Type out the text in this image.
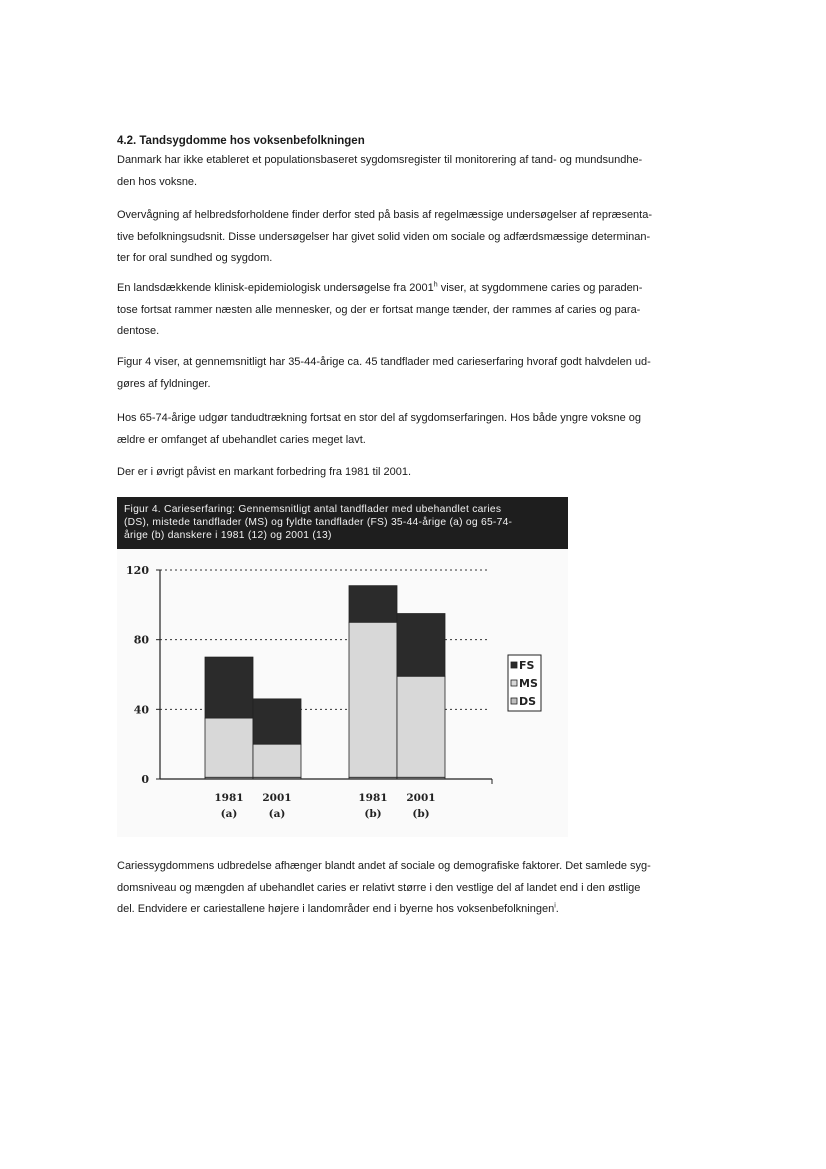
4.2. Tandsygdomme hos voksenbefolkningen
Danmark har ikke etableret et populationsbaseret sygdomsregister til monitorering af tand- og mundsundhe-
den hos voksne.
Overvågning af helbredsforholdene finder derfor sted på basis af regelmæssige undersøgelser af repræsenta-
tive befolkningsudsnit. Disse undersøgelser har givet solid viden om sociale og adfærdsmæssige determinan-
ter for oral sundhed og sygdom.
En landsdækkende klinisk-epidemiologisk undersøgelse fra 2001$^h$ viser, at sygdommene caries og paraden-
tose fortsat rammer næsten alle mennesker, og der er fortsat mange tænder, der rammes af caries og para-
dentose.
Figur 4 viser, at gennemsnitligt har 35-44-årige ca. 45 tandflader med carieserfaring hvoraf godt halvdelen ud-
gøres af fyldninger.
Hos 65-74-årige udgør tandudtrækning fortsat en stor del af sygdomserfaringen. Hos både yngre voksne og
ældre er omfanget af ubehandlet caries meget lavt.
Der er i øvrigt påvist en markant forbedring fra 1981 til 2001.
Figur 4. Carieserfaring: Gennemsnitligt antal tandflader med ubehandlet caries
(DS), mistede tandflader (MS) og fyldte tandflader (FS) 35-44-årige (a) og 65-74-
årige (b) danskere i 1981 (12) og 2001 (13)
120
80
40
0
1981
(a)
2001
(a)
1981
(b)
2001
(b)
FS
MS
DS
Cariessygdommens udbredelse afhænger blandt andet af sociale og demografiske faktorer. Det samlede syg-
domsniveau og mængden af ubehandlet caries er relativt større i den vestlige del af landet end i den østlige
del. Endvidere er cariestallene højere i landområder end i byerne hos voksenbefolkningen$^i$.
